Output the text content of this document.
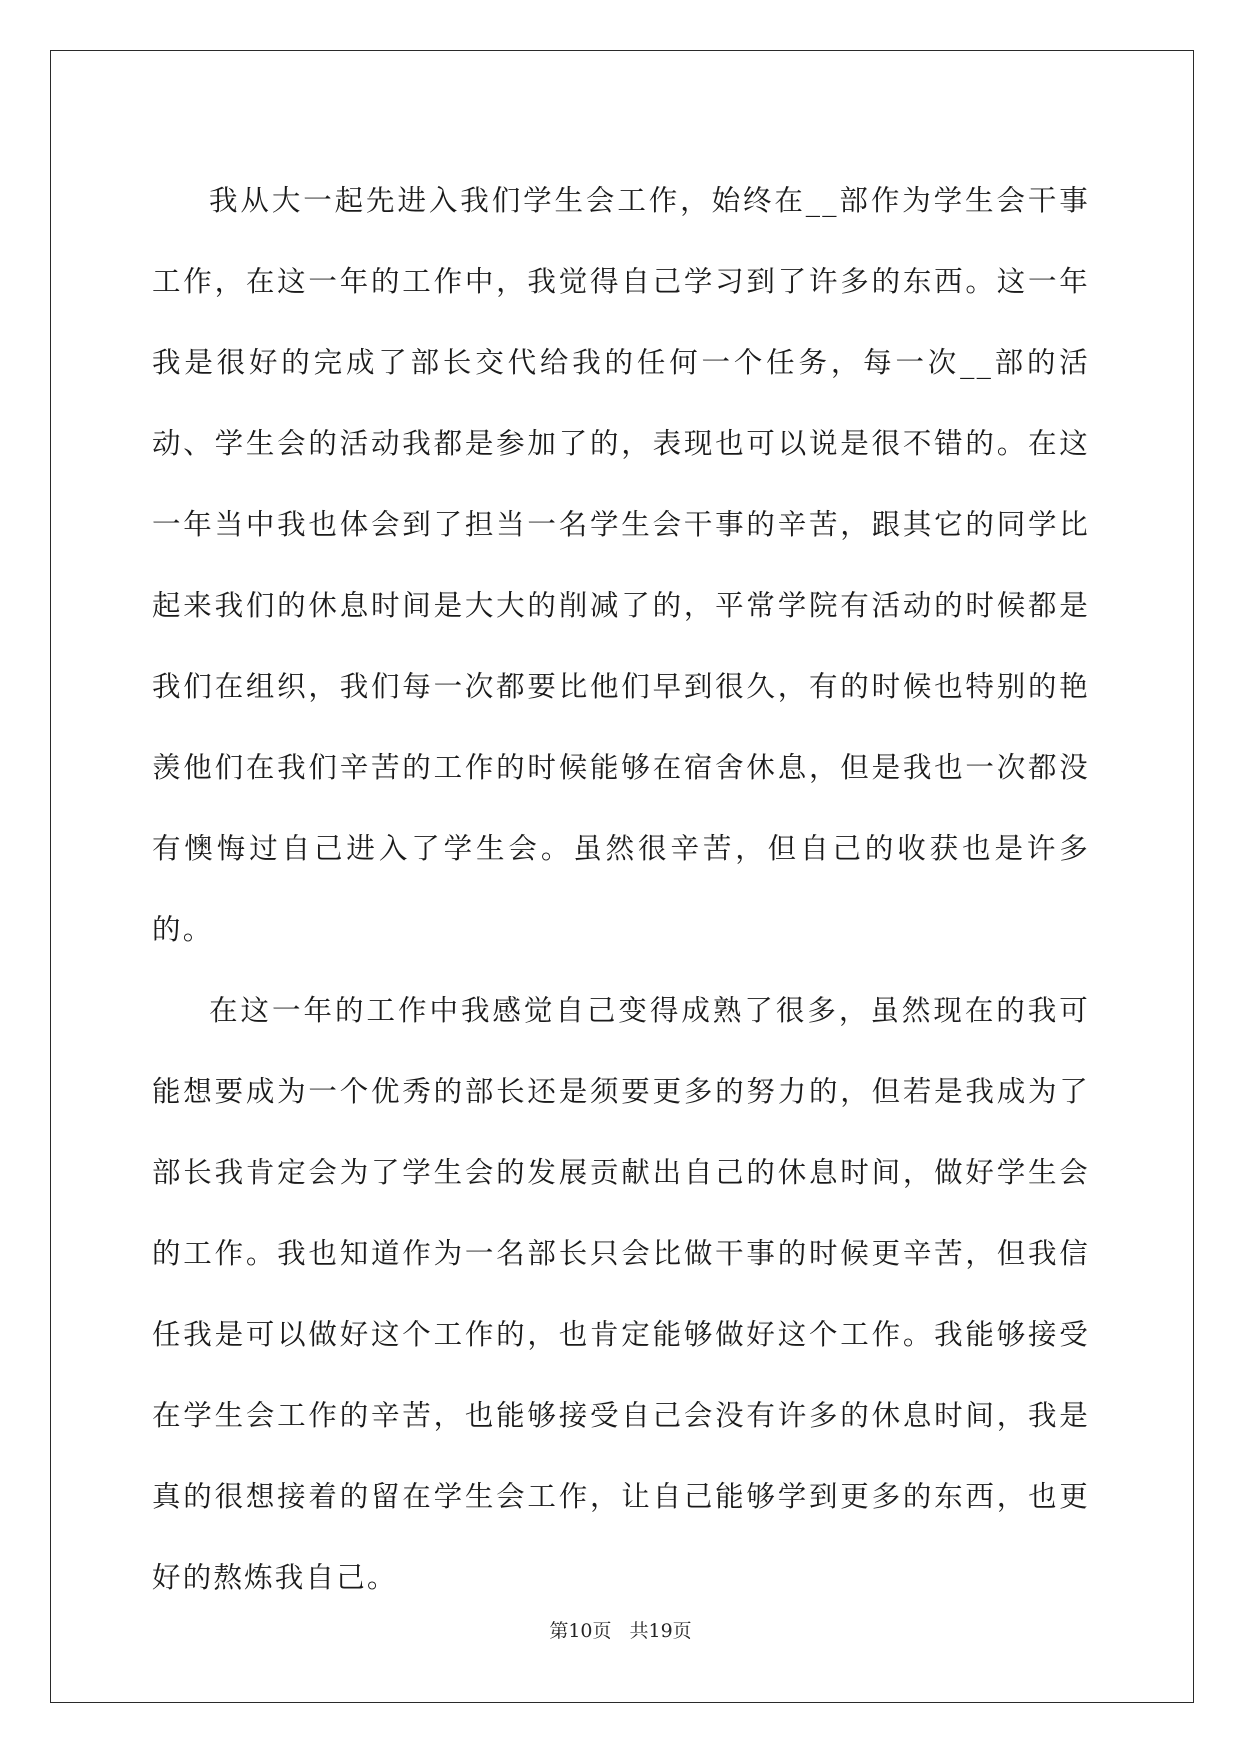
我从大一起先进入我们学生会工作，始终在__部作为学生会干事工作，在这一年的工作中，我觉得自己学习到了许多的东西。这一年我是很好的完成了部长交代给我的任何一个任务，每一次__部的活动、学生会的活动我都是参加了的，表现也可以说是很不错的。在这一年当中我也体会到了担当一名学生会干事的辛苦，跟其它的同学比起来我们的休息时间是大大的削减了的，平常学院有活动的时候都是我们在组织，我们每一次都要比他们早到很久，有的时候也特别的艳羡他们在我们辛苦的工作的时候能够在宿舍休息，但是我也一次都没有懊悔过自己进入了学生会。虽然很辛苦，但自己的收获也是许多的。

在这一年的工作中我感觉自己变得成熟了很多，虽然现在的我可能想要成为一个优秀的部长还是须要更多的努力的，但若是我成为了部长我肯定会为了学生会的发展贡献出自己的休息时间，做好学生会的工作。我也知道作为一名部长只会比做干事的时候更辛苦，但我信任我是可以做好这个工作的，也肯定能够做好这个工作。我能够接受在学生会工作的辛苦，也能够接受自己会没有许多的休息时间，我是真的很想接着的留在学生会工作，让自己能够学到更多的东西，也更好的熬炼我自己。

第10页 共19页
